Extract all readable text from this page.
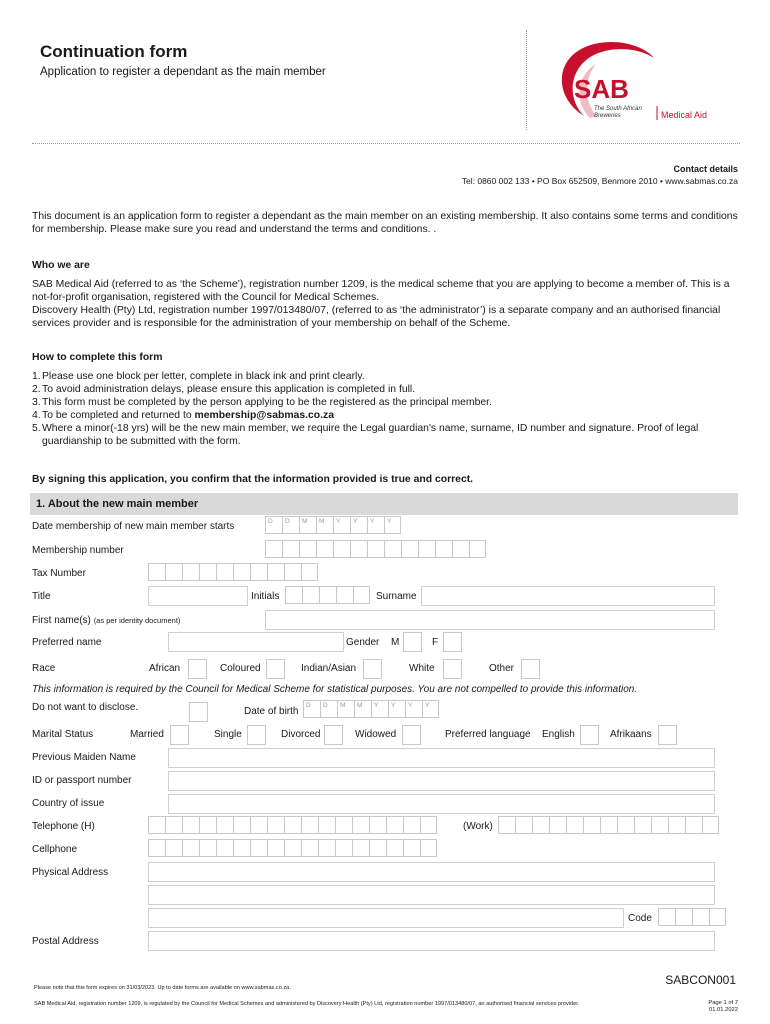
Continuation form
Application to register a dependant as the main member
SAB
The South African
Breweries	Medical Aid
Contact details
Tel: 0860 002 133 • PO Box 652509, Benmore 2010 • www.sabmas.co.za
This document is an application form to register a dependant as the main member on an existing membership. It also contains some terms and conditions for membership. Please make sure you read and understand the terms and conditions. .
Who we are
SAB Medical Aid (referred to as ‘the Scheme’), registration number 1209, is the medical scheme that you are applying to become a member of. This is a not-for-profit organisation, registered with the Council for Medical Schemes.
Discovery Health (Pty) Ltd, registration number 1997/013480/07, (referred to as ‘the administrator’) is a separate company and an authorised financial services provider and is responsible for the administration of your membership on behalf of the Scheme.
How to complete this form
1. Please use one block per letter, complete in black ink and print clearly.
2. To avoid administration delays, please ensure this application is completed in full.
3. This form must be completed by the person applying to be the registered as the principal member.
4. To be completed and returned to membership@sabmas.co.za
5. Where a minor(-18 yrs) will be the new main member, we require the Legal guardian's name, surname, ID number and signature. Proof of legal guardianship to be submitted with the form.
By signing this application, you confirm that the information provided is true and correct.
1. About the new main member
Date membership of new main member starts	D	D	M	M	Y	Y	Y	Y
Membership number
Tax Number
Title	Initials	Surname
First name(s) (as per identity document)
Preferred name	Gender M	F
Race	African	Coloured	Indian/Asian	White	Other
This information is required by the Council for Medical Scheme for statistical purposes. You are not compelled to provide this information.
Do not want to disclose.	Date of birth
D	D	M	M	Y	Y	Y	Y
Marital Status	Married	Single	Divorced	Widowed	Preferred language English	Afrikaans
Previous Maiden Name
ID or passport number
Country of issue
Telephone (H)	(Work)
Cellphone
Physical Address
Code
Postal Address
SABCON001
Please note that this form expires on 31/03/2023. Up to date forms are available on www.sabmas.co.za.
SAB Medical Aid, registration number 1209, is regulated by the Council for Medical Schemes and administered by Discovery Health (Pty) Ltd, registration number 1997/013480/07, an authorised financial services provider.	Page 1 of 7
01.01.2022
